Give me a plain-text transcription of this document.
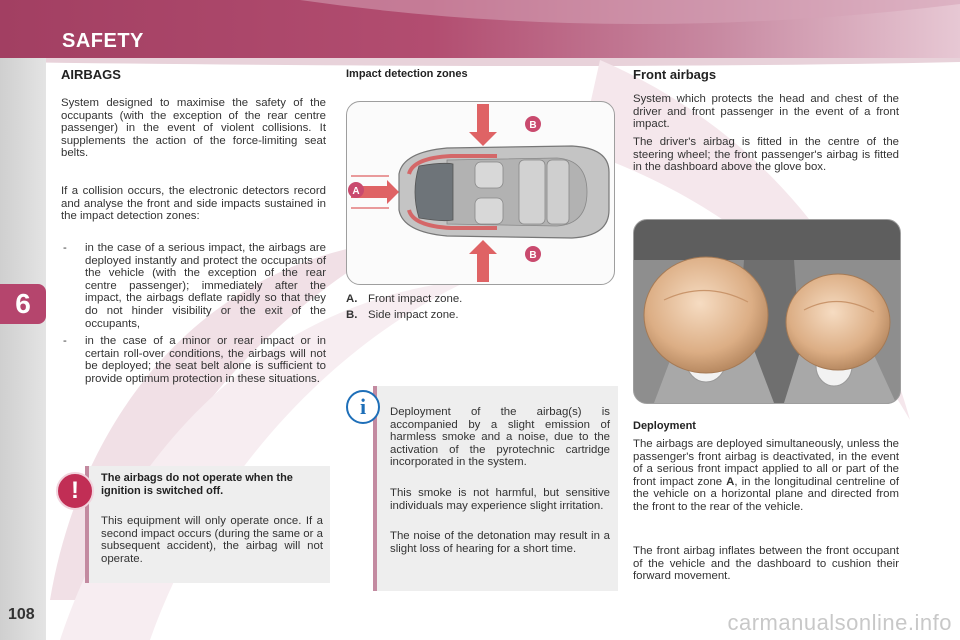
SAFETY
6
108
AIRBAGS

System designed to maximise the safety of the occupants (with the exception of the rear centre passenger) in the event of violent collisions. It supplements the action of the force-limiting seat belts.

If a collision occurs, the electronic detectors record and analyse the front and side impacts sustained in the impact detection zones:

- in the case of a serious impact, the airbags are deployed instantly and protect the occupants of the vehicle (with the exception of the rear centre passenger); immediately after the impact, the airbags deflate rapidly so that they do not hinder visibility or the exit of the occupants,
- in the case of a minor or rear impact or in certain roll-over conditions, the airbags will not be deployed; the seat belt alone is sufficient to provide optimum protection in these situations.

The airbags do not operate when the ignition is switched off.

This equipment will only operate once. If a second impact occurs (during the same or a subsequent accident), the airbag will not operate.

!
Impact detection zones
A
B
B
A. Front impact zone.
B. Side impact zone.

Deployment of the airbag(s) is accompanied by a slight emission of harmless smoke and a noise, due to the activation of the pyrotechnic cartridge incorporated in the system.

This smoke is not harmful, but sensitive individuals may experience slight irritation.

The noise of the detonation may result in a slight loss of hearing for a short time.

i
Front airbags

System which protects the head and chest of the driver and front passenger in the event of a front impact.

The driver's airbag is fitted in the centre of the steering wheel; the front passenger's airbag is fitted in the dashboard above the glove box.

Deployment

The airbags are deployed simultaneously, unless the passenger's front airbag is deactivated, in the event of a serious front impact applied to all or part of the front impact zone A, in the longitudinal centreline of the vehicle on a horizontal plane and directed from the front to the rear of the vehicle.

The front airbag inflates between the front occupant of the vehicle and the dashboard to cushion their forward movement.

carmanualsonline.info
